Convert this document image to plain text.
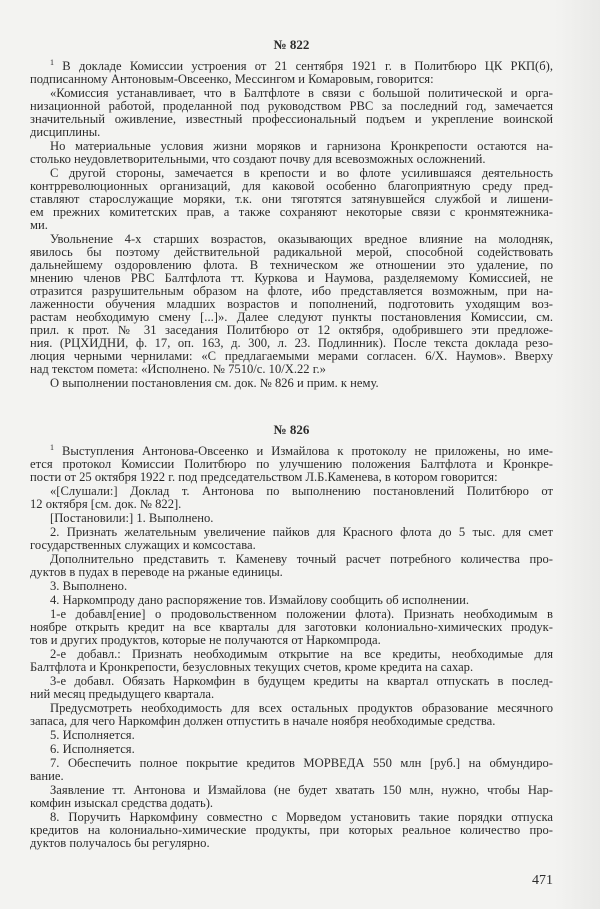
№ 822
$^1$ В докладе Комиссии устроения от 21 сентября 1921 г. в Политбюро ЦК РКП(б),
подписанному Антоновым-Овсеенко, Мессингом и Комаровым, говорится:
«Комиссия устанавливает, что в Балтфлоте в связи с большой политической и орга-
низационной работой, проделанной под руководством РВС за последний год, замечается
значительный оживление, известный профессиональный подъем и укрепление воинской
дисциплины.
Но материальные условия жизни моряков и гарнизона Кронкрепости остаются на-
столько неудовлетворительными, что создают почву для всевозможных осложнений.
С другой стороны, замечается в крепости и во флоте усилившаяся деятельность
контрреволюционных организаций, для каковой особенно благоприятную среду пред-
ставляют старослужащие моряки, т.к. они тяготятся затянувшейся службой и лишени-
ем прежних комитетских прав, а также сохраняют некоторые связи с кронмятежника-
ми.
Увольнение 4-х старших возрастов, оказывающих вредное влияние на молодняк,
явилось бы поэтому действительной радикальной мерой, способной содействовать
дальнейшему оздоровлению флота. В техническом же отношении это удаление, по
мнению членов РВС Балтфлота тт. Куркова и Наумова, разделяемому Комиссией, не
отразится разрушительным образом на флоте, ибо представляется возможным, при на-
лаженности обучения младших возрастов и пополнений, подготовить уходящим воз-
растам необходимую смену [...]». Далее следуют пункты постановления Комиссии, см.
прил. к прот. № 31 заседания Политбюро от 12 октября, одобрившего эти предложе-
ния. (РЦХИДНИ, ф. 17, оп. 163, д. 300, л. 23. Подлинник). После текста доклада резо-
люция черными чернилами: «С предлагаемыми мерами согласен. 6/Х. Наумов». Вверху
над текстом помета: «Исполнено. № 7510/с. 10/Х.22 г.»
О выполнении постановления см. док. № 826 и прим. к нему.
№ 826
$^1$ Выступления Антонова-Овсеенко и Измайлова к протоколу не приложены, но име-
ется протокол Комиссии Политбюро по улучшению положения Балтфлота и Кронкре-
пости от 25 октября 1922 г. под председательством Л.Б.Каменева, в котором говорится:
«[Слушали:] Доклад т. Антонова по выполнению постановлений Политбюро от
12 октября [см. док. № 822].
[Постановили:] 1. Выполнено.
2. Признать желательным увеличение пайков для Красного флота до 5 тыс. для смет
государственных служащих и комсостава.
Дополнительно представить т. Каменеву точный расчет потребного количества про-
дуктов в пудах в переводе на ржаные единицы.
3. Выполнено.
4. Наркомпроду дано распоряжение тов. Измайлову сообщить об исполнении.
1-е добавл[ение] о продовольственном положении флота). Признать необходимым в
ноябре открыть кредит на все кварталы для заготовки колониально-химических продук-
тов и других продуктов, которые не получаются от Наркомпрода.
2-е добавл.: Признать необходимым открытие на все кредиты, необходимые для
Балтфлота и Кронкрепости, безусловных текущих счетов, кроме кредита на сахар.
3-е добавл. Обязать Наркомфин в будущем кредиты на квартал отпускать в послед-
ний месяц предыдущего квартала.
Предусмотреть необходимость для всех остальных продуктов образование месячного
запаса, для чего Наркомфин должен отпустить в начале ноября необходимые средства.
5. Исполняется.
6. Исполняется.
7. Обеспечить полное покрытие кредитов МОРВЕДА 550 млн [руб.] на обмундиро-
вание.
Заявление тт. Антонова и Измайлова (не будет хватать 150 млн, нужно, чтобы Нар-
комфин изыскал средства додать).
8. Поручить Наркомфину совместно с Морведом установить такие порядки отпуска
кредитов на колониально-химические продукты, при которых реальное количество про-
дуктов получалось бы регулярно.
471
